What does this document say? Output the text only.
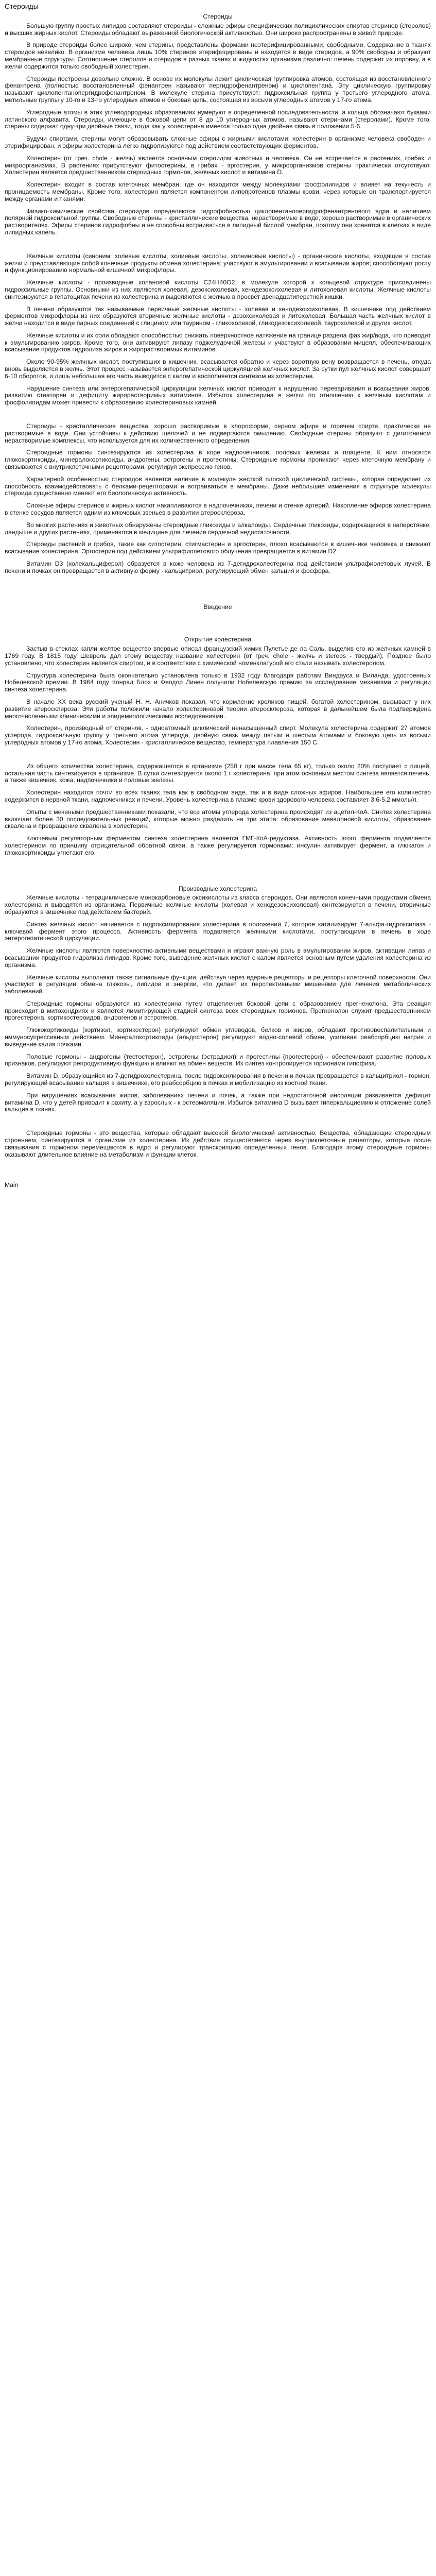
Стероиды
Стероиды

Большую группу простых липидов составляют стероиды - сложные эфиры специфических полициклических спиртов стеринов (стеролов) и высших жирных кислот. Стероиды обладают выраженной биологической активностью. Они широко распространены в живой природе.

В природе стероиды более широко, чем стерины, представлены формами неэтерифицированными, свободными. Содержание в тканях стероидов невелико. В организме человека лишь 10% стеринов этерифицированы и находятся в виде стеридов, а 90% свободны и образуют мембранные структуры. Соотношение стеролов и стеридов в разных тканях и жидкостях организма различно: печень содержит их поровну, а в желчи содержится только свободный холестерин.

Стероиды построены довольно сложно. В основе их молекулы лежит циклическая группировка атомов, состоящая из восстановленного фенантрена (полностью восстановленный фенантрен называют пергидрофенантреном) и циклопентана. Эту циклическую группировку называют циклопентанопергидрофенантреном. В молекуле стерина присутствуют: гидроксильная группа у третьего углеродного атома, метильные группы у 10-го и 13-го углеродных атомов и боковая цепь, состоящая из восьми углеродных атомов у 17-го атома.

Углеродные атомы в этих углеводородных образованиях нумеруют в определенной последовательности, а кольца обозначают буквами латинского алфавита. Стероиды, имеющие в боковой цепи от 8 до 10 углеродных атомов, называют стеринами (стеролами). Кроме того, стерины содержат одну-три двойные связи, тогда как у холестерина имеется только одна двойная связь в положении 5-6.

Будучи спиртами, стерины могут образовывать сложные эфиры с жирными кислотами; холестерин в организме человека свободен и этерифицирован, и эфиры холестерина легко гидролизуются под действием соответствующих ферментов.

Холестерин (от греч. chole - желчь) является основным стероидом животных и человека. Он не встречается в растениях, грибах и микроорганизмах. В растениях присутствуют фитостерины, в грибах - эргостерин, у микроорганизмов стерины практически отсутствуют. Холестерин является предшественником стероидных гормонов, желчных кислот и витамина D.

Холестерин входит в состав клеточных мембран, где он находится между молекулами фосфолипидов и влияет на текучесть и проницаемость мембраны. Кроме того, холестерин является компонентом липопротеинов плазмы крови, через которые он транспортируется между органами и тканями.

Физико-химические свойства стероидов определяются гидрофобностью циклопентанопергидрофенантренового ядра и наличием полярной гидроксильной группы. Свободные стерины - кристаллические вещества, нерастворимые в воде, хорошо растворимые в органических растворителях. Эфиры стеринов гидрофобны и не способны встраиваться в липидный бислой мембран, поэтому они хранятся в клетках в виде липидных капель.

Желчные кислоты (синоним: холевые кислоты, холиевые кислоты, холеиновые кислоты) - органические кислоты, входящие в состав желчи и представляющие собой конечные продукты обмена холестерина; участвуют в эмульгировании и всасывании жиров; способствуют росту и функционированию нормальной кишечной микрофлоры.

Желчные кислоты - производные холановой кислоты С24Н40О2, в молекуле которой к кольцевой структуре присоединены гидроксильные группы. Основными из них являются холевая, дезоксихолевая, хенодезоксихолевая и литохолевая кислоты. Желчные кислоты синтезируются в гепатоцитах печени из холестерина и выделяются с желчью в просвет двенадцатиперстной кишки.

В печени образуются так называемые первичные желчные кислоты - холевая и хенодезоксихолевая. В кишечнике под действием ферментов микрофлоры из них образуются вторичные желчные кислоты - дезоксихолевая и литохолевая. Большая часть желчных кислот в желчи находится в виде парных соединений с глицином или таурином - гликохолевой, гликодезоксихолевой, таурохолевой и других кислот.

Желчные кислоты и их соли обладают способностью снижать поверхностное натяжение на границе раздела фаз жир/вода, что приводит к эмульгированию жиров. Кроме того, они активируют липазу поджелудочной железы и участвуют в образовании мицелл, обеспечивающих всасывание продуктов гидролиза жиров и жирорастворимых витаминов.

Около 90-95% желчных кислот, поступивших в кишечник, всасывается обратно и через воротную вену возвращается в печень, откуда вновь выделяется в желчь. Этот процесс называется энтерогепатической циркуляцией желчных кислот. За сутки пул желчных кислот совершает 6-10 оборотов, и лишь небольшая его часть выводится с калом и восполняется синтезом из холестерина.

Нарушение синтеза или энтерогепатической циркуляции желчных кислот приводит к нарушению переваривания и всасывания жиров, развитию стеатореи и дефициту жирорастворимых витаминов. Избыток холестерина в желчи по отношению к желчным кислотам и фосфолипидам может привести к образованию холестериновых камней.

Стероиды - кристаллические вещества, хорошо растворимые в хлороформе, серном эфире и горячем спирте, практически не растворимые в воде. Они устойчивы к действию щелочей и не подвергаются омылению. Свободные стерины образуют с дигитонином нерастворимые комплексы, что используется для их количественного определения.

Стероидные гормоны синтезируются из холестерина в коре надпочечников, половых железах и плаценте. К ним относятся глюкокортикоиды, минералокортикоиды, андрогены, эстрогены и прогестины. Стероидные гормоны проникают через клеточную мембрану и связываются с внутриклеточными рецепторами, регулируя экспрессию генов.

Характерной особенностью стероидов является наличие в молекуле жесткой плоской циклической системы, которая определяет их способность взаимодействовать с белками-рецепторами и встраиваться в мембраны. Даже небольшие изменения в структуре молекулы стероида существенно меняют его биологическую активность.

Сложные эфиры стеринов и жирных кислот накапливаются в надпочечниках, печени и стенке артерий. Накопление эфиров холестерина в стенке сосудов является одним из ключевых звеньев в развитии атеросклероза.

Во многих растениях и животных обнаружены стероидные гликозиды и алкалоиды. Сердечные гликозиды, содержащиеся в наперстянке, ландыше и других растениях, применяются в медицине для лечения сердечной недостаточности.

Стероиды растений и грибов, такие как ситостерин, стигмастерин и эргостерин, плохо всасываются в кишечнике человека и снижают всасывание холестерина. Эргостерин под действием ультрафиолетового облучения превращается в витамин D2.

Витамин D3 (холекальциферол) образуется в коже человека из 7-дегидрохолестерина под действием ультрафиолетовых лучей. В печени и почках он превращается в активную форму - кальцитриол, регулирующий обмен кальция и фосфора.

Введение
Открытие холестерина

Застыв в стеклах капли желтое вещество впервые описал французский химик Пулетье де ла Саль, выделив его из желчных камней в 1769 году. В 1815 году Шеврель дал этому веществу название холестерин (от греч. chole - желчь и stereos - твердый). Позднее было установлено, что холестерин является спиртом, и в соответствии с химической номенклатурой его стали называть холестеролом.

Структура холестерина была окончательно установлена только в 1932 году благодаря работам Виндауса и Виланда, удостоенных Нобелевской премии. В 1964 году Конрад Блох и Феодор Линен получили Нобелевскую премию за исследование механизма и регуляции синтеза холестерина.

В начале XX века русский ученый Н. Н. Аничков показал, что кормление кроликов пищей, богатой холестерином, вызывает у них развитие атеросклероза. Эти работы положили начало холестериновой теории атеросклероза, которая в дальнейшем была подтверждена многочисленными клиническими и эпидемиологическими исследованиями.

Холестерин, производный от стеринов, - одноатомный циклический ненасыщенный спирт. Молекула холестерина содержит 27 атомов углерода, гидроксильную группу у третьего атома углерода, двойную связь между пятым и шестым атомами и боковую цепь из восьми углеродных атомов у 17-го атома. Холестерин - кристаллическое вещество, температура плавления 150 С.

Из общего количества холестерина, содержащегося в организме (250 г при массе тела 65 кг), только около 20% поступает с пищей, остальная часть синтезируется в организме. В сутки синтезируется около 1 г холестерина, при этом основным местом синтеза является печень, а также кишечник, кожа, надпочечники и половые железы.

Холестерин находится почти во всех тканях тела как в свободном виде, так и в виде сложных эфиров. Наибольшее его количество содержится в нервной ткани, надпочечниках и печени. Уровень холестерина в плазме крови здорового человека составляет 3,6-5,2 ммоль/л.

Опыты с мечеными предшественниками показали, что все атомы углерода холестерина происходят из ацетил-КоА. Синтез холестерина включает более 30 последовательных реакций, которые можно разделить на три этапа: образование мевалоновой кислоты, образование сквалена и превращение сквалена в холестерин.

Ключевым регуляторным ферментом синтеза холестерина является ГМГ-КоА-редуктаза. Активность этого фермента подавляется холестерином по принципу отрицательной обратной связи, а также регулируется гормонами: инсулин активирует фермент, а глюкагон и глюкокортикоиды угнетают его.

Производные холестерина

Желчные кислоты - тетрациклические монокарбоновые оксикислоты из класса стероидов. Они являются конечными продуктами обмена холестерина и выводятся из организма. Первичные желчные кислоты (холевая и хенодезоксихолевая) синтезируются в печени, вторичные образуются в кишечнике под действием бактерий.

Синтез желчных кислот начинается с гидроксилирования холестерина в положении 7, которое катализирует 7-альфа-гидроксилаза - ключевой фермент этого процесса. Активность фермента подавляется желчными кислотами, поступающими в печень в ходе энтерогепатической циркуляции.

Желчные кислоты являются поверхностно-активными веществами и играют важную роль в эмульгировании жиров, активации липаз и всасывании продуктов гидролиза липидов. Кроме того, выведение желчных кислот с калом является основным путем удаления холестерина из организма.

Желчные кислоты выполняют также сигнальные функции, действуя через ядерные рецепторы и рецепторы клеточной поверхности. Они участвуют в регуляции обмена глюкозы, липидов и энергии, что делает их перспективными мишенями для лечения метаболических заболеваний.

Стероидные гормоны образуются из холестерина путем отщепления боковой цепи с образованием прегненолона. Эта реакция происходит в митохондриях и является лимитирующей стадией синтеза всех стероидных гормонов. Прегненолон служит предшественником прогестерона, кортикостероидов, андрогенов и эстрогенов.

Глюкокортикоиды (кортизол, кортикостерон) регулируют обмен углеводов, белков и жиров, обладают противовоспалительным и иммуносупрессивным действием. Минералокортикоиды (альдостерон) регулируют водно-солевой обмен, усиливая реабсорбцию натрия и выведение калия почками.

Половые гормоны - андрогены (тестостерон), эстрогены (эстрадиол) и прогестины (прогестерон) - обеспечивают развитие половых признаков, регулируют репродуктивную функцию и влияют на обмен веществ. Их синтез контролируется гормонами гипофиза.

Витамин D, образующийся из 7-дегидрохолестерина, после гидроксилирования в печени и почках превращается в кальцитриол - гормон, регулирующий всасывание кальция в кишечнике, его реабсорбцию в почках и мобилизацию из костной ткани.

При нарушениях всасывания жиров, заболеваниях печени и почек, а также при недостаточной инсоляции развивается дефицит витамина D, что у детей приводит к рахиту, а у взрослых - к остеомаляции. Избыток витамина D вызывает гиперкальциемию и отложение солей кальция в тканях.

Стероидные гормоны - это вещества, которые обладают высокой биологической активностью. Вещества, обладающие стероидным строением, синтезируются в организме из холестерина. Их действие осуществляется через внутриклеточные рецепторы, которые после связывания с гормоном перемещаются в ядро и регулируют транскрипцию определенных генов. Благодаря этому стероидные гормоны оказывают длительное влияние на метаболизм и функции клеток.

Main
